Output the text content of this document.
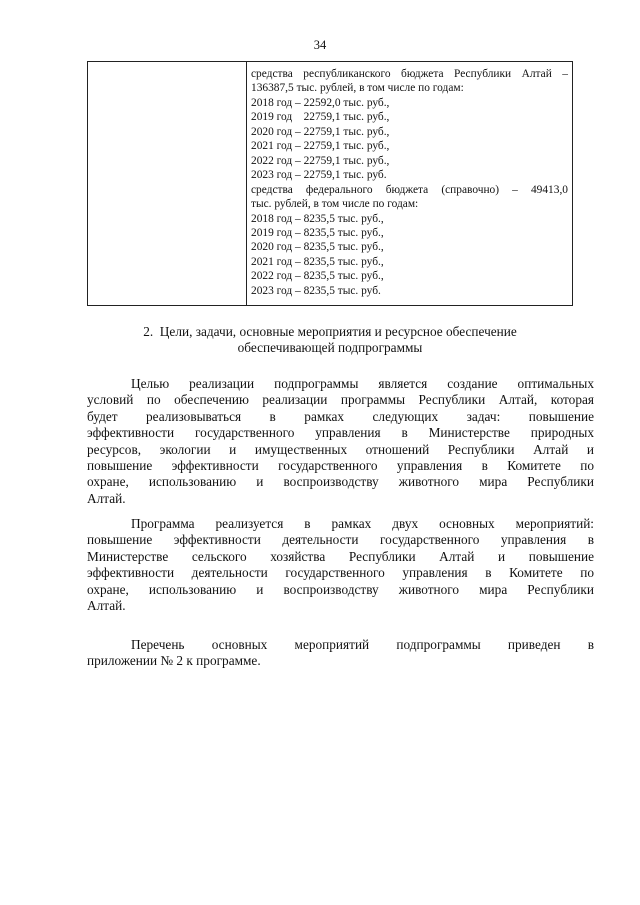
34
средства республиканского бюджета Республики Алтай –
136387,5 тыс. рублей, в том числе по годам:
2018 год – 22592,0 тыс. руб.,
2019 год    22759,1 тыс. руб.,
2020 год – 22759,1 тыс. руб.,
2021 год – 22759,1 тыс. руб.,
2022 год – 22759,1 тыс. руб.,
2023 год – 22759,1 тыс. руб.
средства федерального бюджета (справочно) – 49413,0
тыс. рублей, в том числе по годам:
2018 год – 8235,5 тыс. руб.,
2019 год – 8235,5 тыс. руб.,
2020 год – 8235,5 тыс. руб.,
2021 год – 8235,5 тыс. руб.,
2022 год – 8235,5 тыс. руб.,
2023 год – 8235,5 тыс. руб.
2.  Цели, задачи, основные мероприятия и ресурсное обеспечение
обеспечивающей подпрограммы
Целью реализации подпрограммы является создание оптимальных
условий по обеспечению реализации программы Республики Алтай, которая
будет реализовываться в рамках следующих задач: повышение
эффективности государственного управления в Министерстве природных
ресурсов, экологии и имущественных отношений Республики Алтай и
повышение эффективности государственного управления в Комитете по
охране, использованию и воспроизводству животного мира Республики
Алтай.
Программа реализуется в рамках двух основных мероприятий:
повышение эффективности деятельности государственного управления в
Министерстве сельского хозяйства Республики Алтай и повышение
эффективности деятельности государственного управления в Комитете по
охране, использованию и воспроизводству животного мира Республики
Алтай.
Перечень основных мероприятий подпрограммы приведен в
приложении № 2 к программе.
